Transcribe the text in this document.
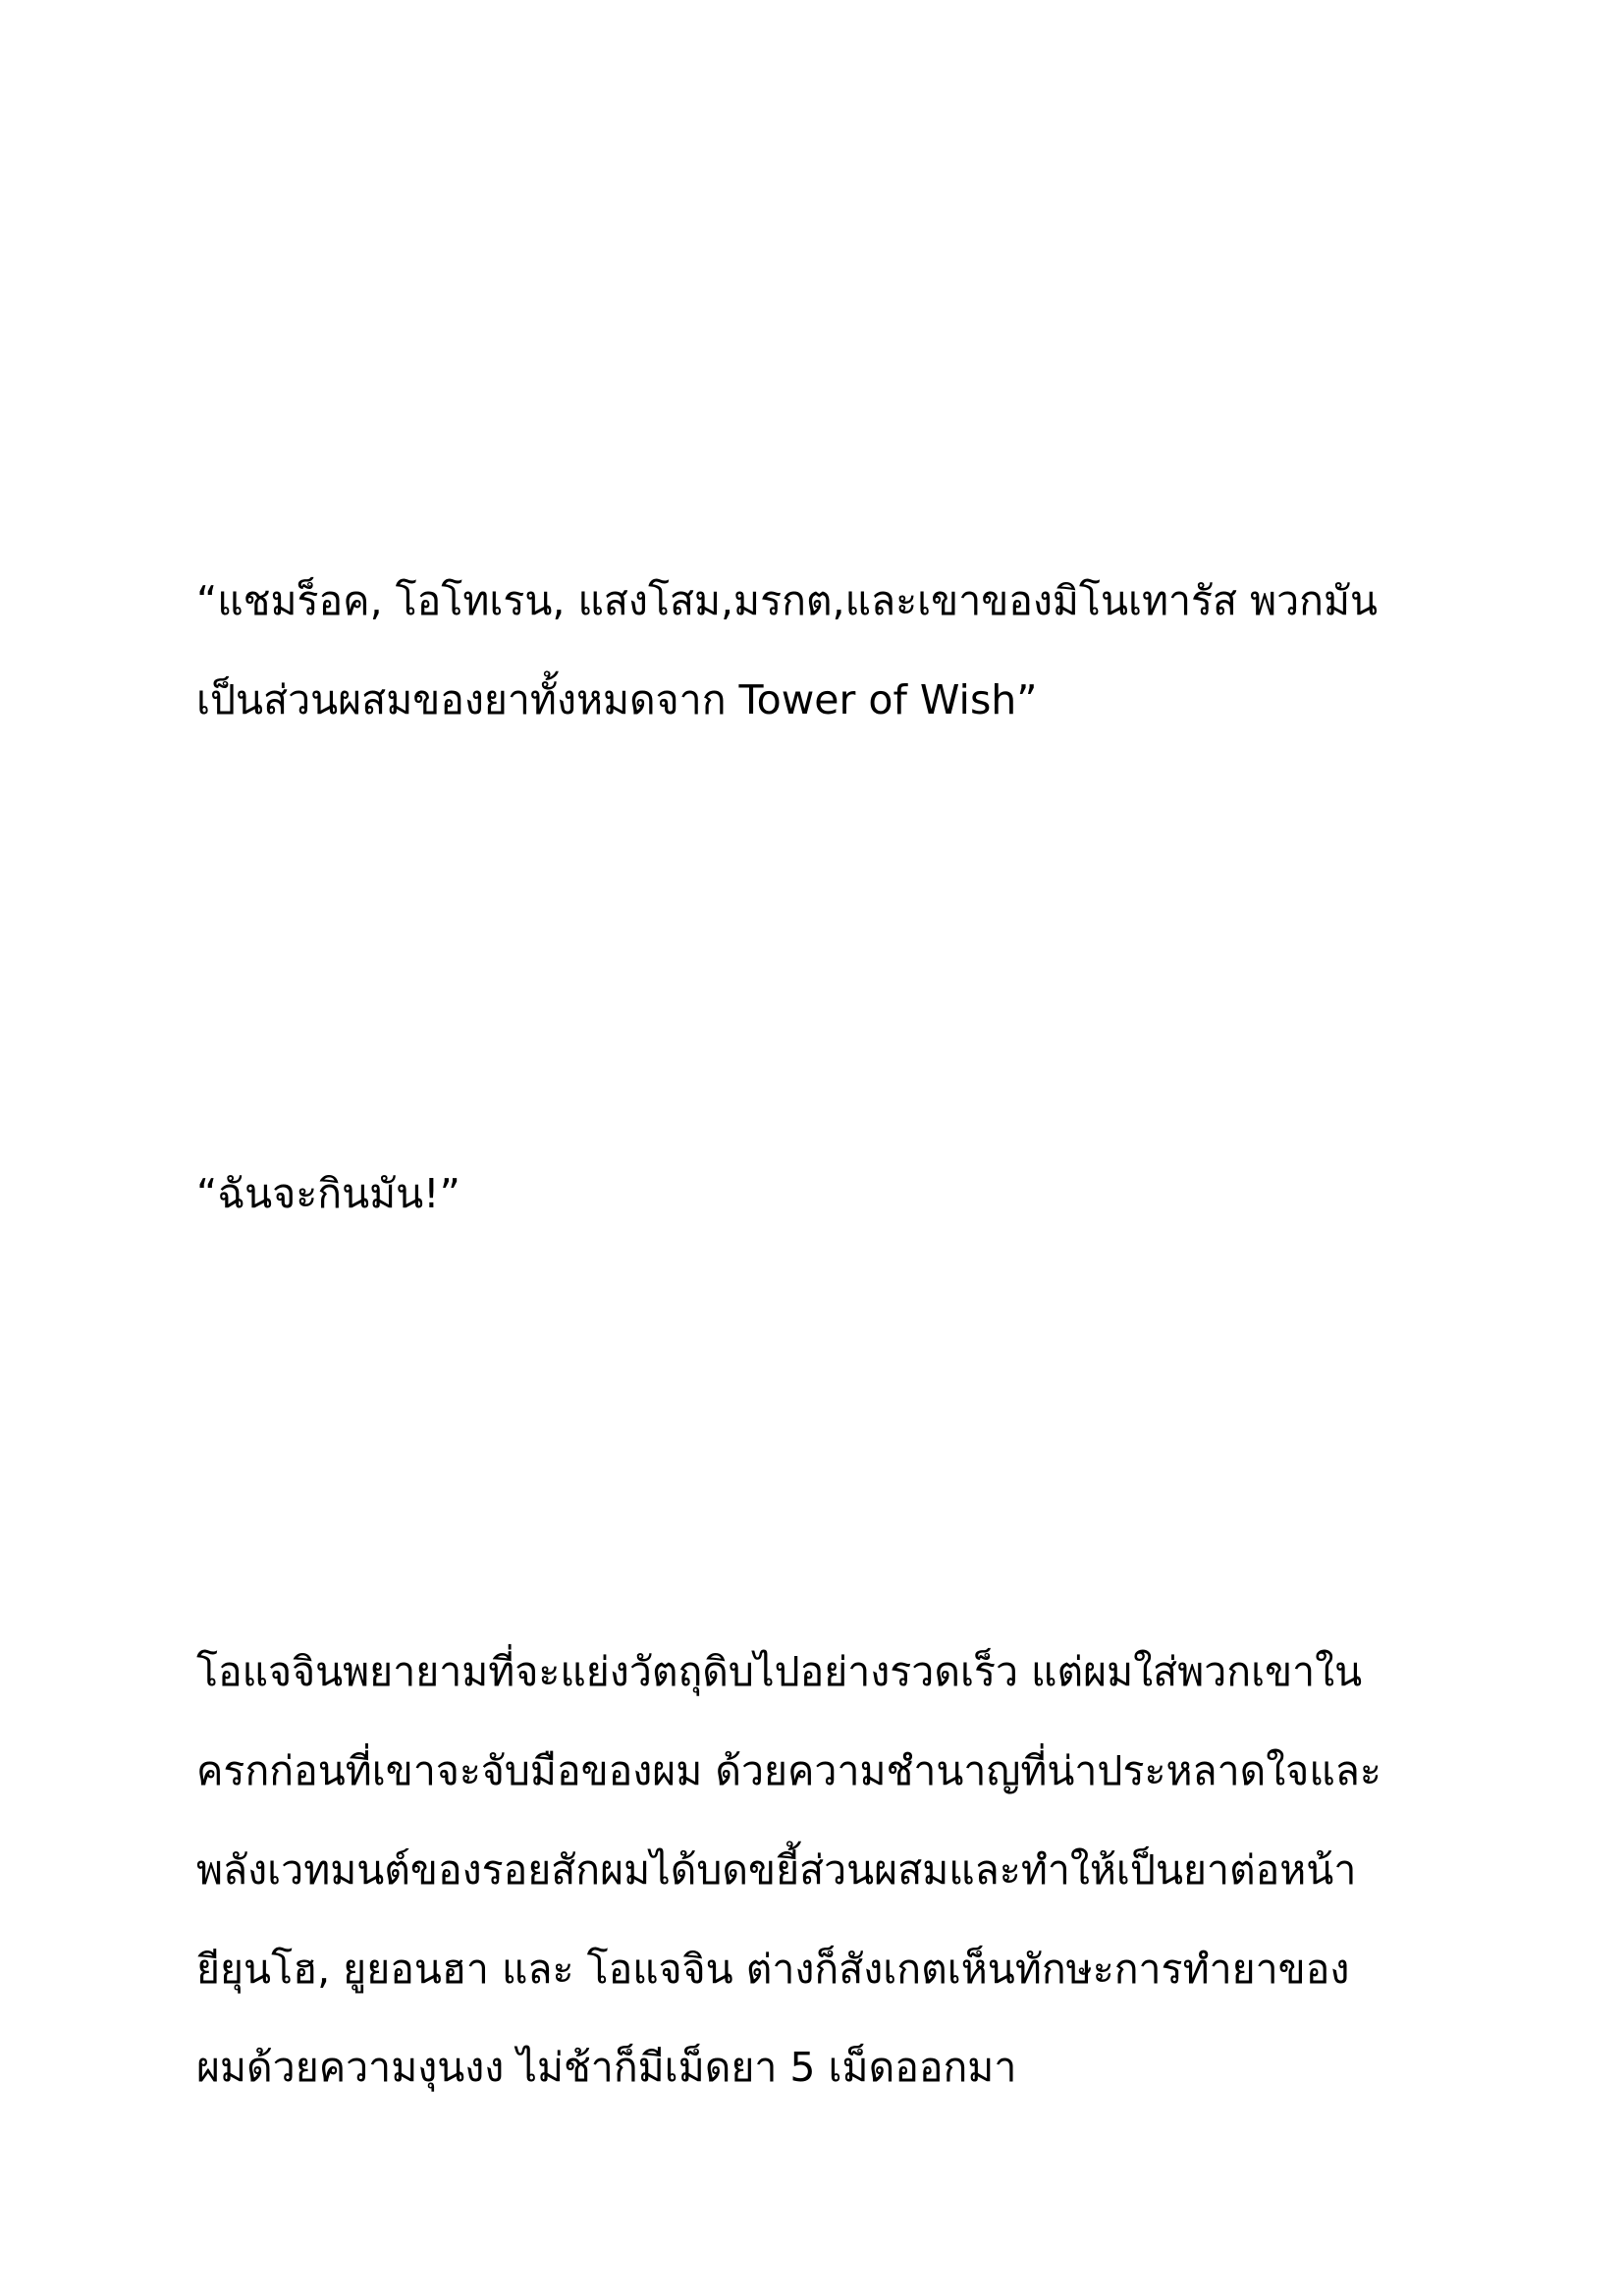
“แชมร็อค, โอโทเรน, แสงโสม,มรกต,และเขาของมิโนเทารัส พวกมัน
เป็นส่วนผสมของยาทั้งหมดจาก Tower of Wish”
“ฉันจะกินมัน!”
โอแจจินพยายามที่จะแย่งวัตถุดิบไปอย่างรวดเร็ว แต่ผมใส่พวกเขาใน
ครกก่อนที่เขาจะจับมือของผม ด้วยความชำนาญที่น่าประหลาดใจและ
พลังเวทมนต์ของรอยสักผมได้บดขยี้ส่วนผสมและทำให้เป็นยาต่อหน้า
ยียุนโฮ, ยูยอนฮา และ โอแจจิน ต่างก็สังเกตเห็นทักษะการทำยาของ
ผมด้วยความงุนงง ไม่ช้าก็มีเม็ดยา 5 เม็ดออกมา
